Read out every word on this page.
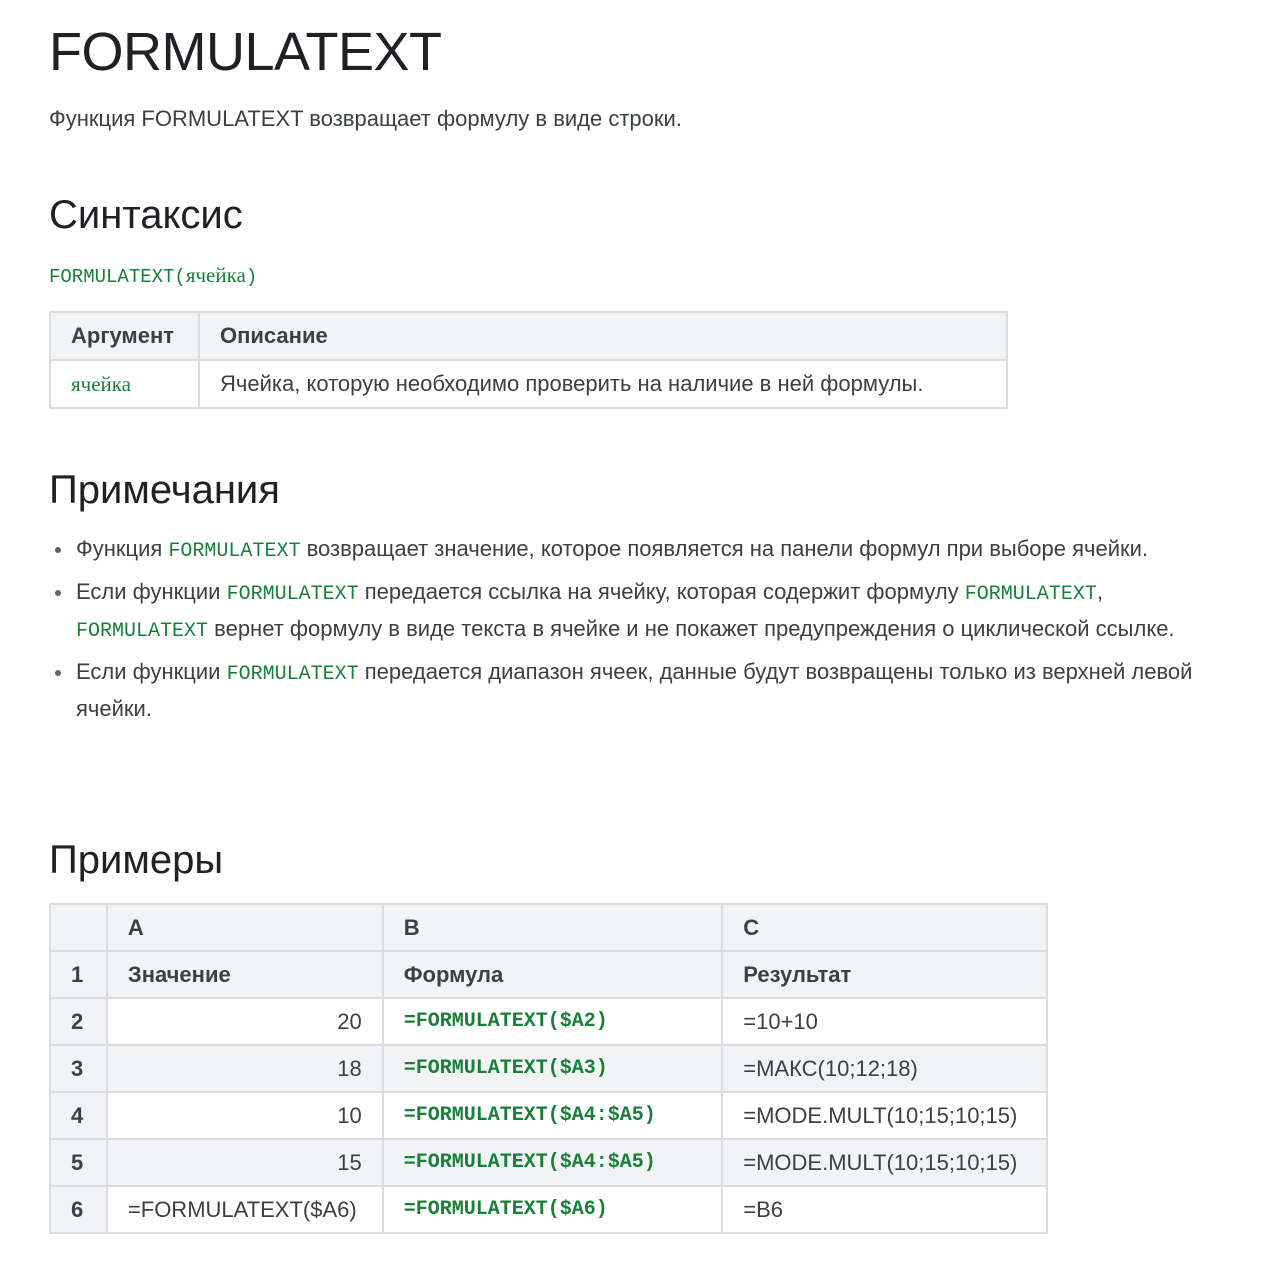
FORMULATEXT

Функция FORMULATEXT возвращает формулу в виде строки.

Синтаксис
FORMULATEXT(ячейка)
Аргумент	Описание
ячейка	Ячейка, которую необходимо проверить на наличие в ней формулы.
Примечания
Функция FORMULATEXT возвращает значение, которое появляется на панели формул при выборе ячейки.
Если функции FORMULATEXT передается ссылка на ячейку, которая содержит формулу FORMULATEXT, FORMULATEXT вернет формулу в виде текста в ячейке и не покажет предупреждения о циклической ссылке.
Если функции FORMULATEXT передается диапазон ячеек, данные будут возвращены только из верхней левой ячейки.
Примеры
	A	B	C
1	Значение	Формула	Результат
2	20	=FORMULATEXT($A2)	=10+10
3	18	=FORMULATEXT($A3)	=МАКС(10;12;18)
4	10	=FORMULATEXT($A4:$A5)	=MODE.MULT(10;15;10;15)
5	15	=FORMULATEXT($A4:$A5)	=MODE.MULT(10;15;10;15)
6	=FORMULATEXT($A6)	=FORMULATEXT($A6)	=B6
